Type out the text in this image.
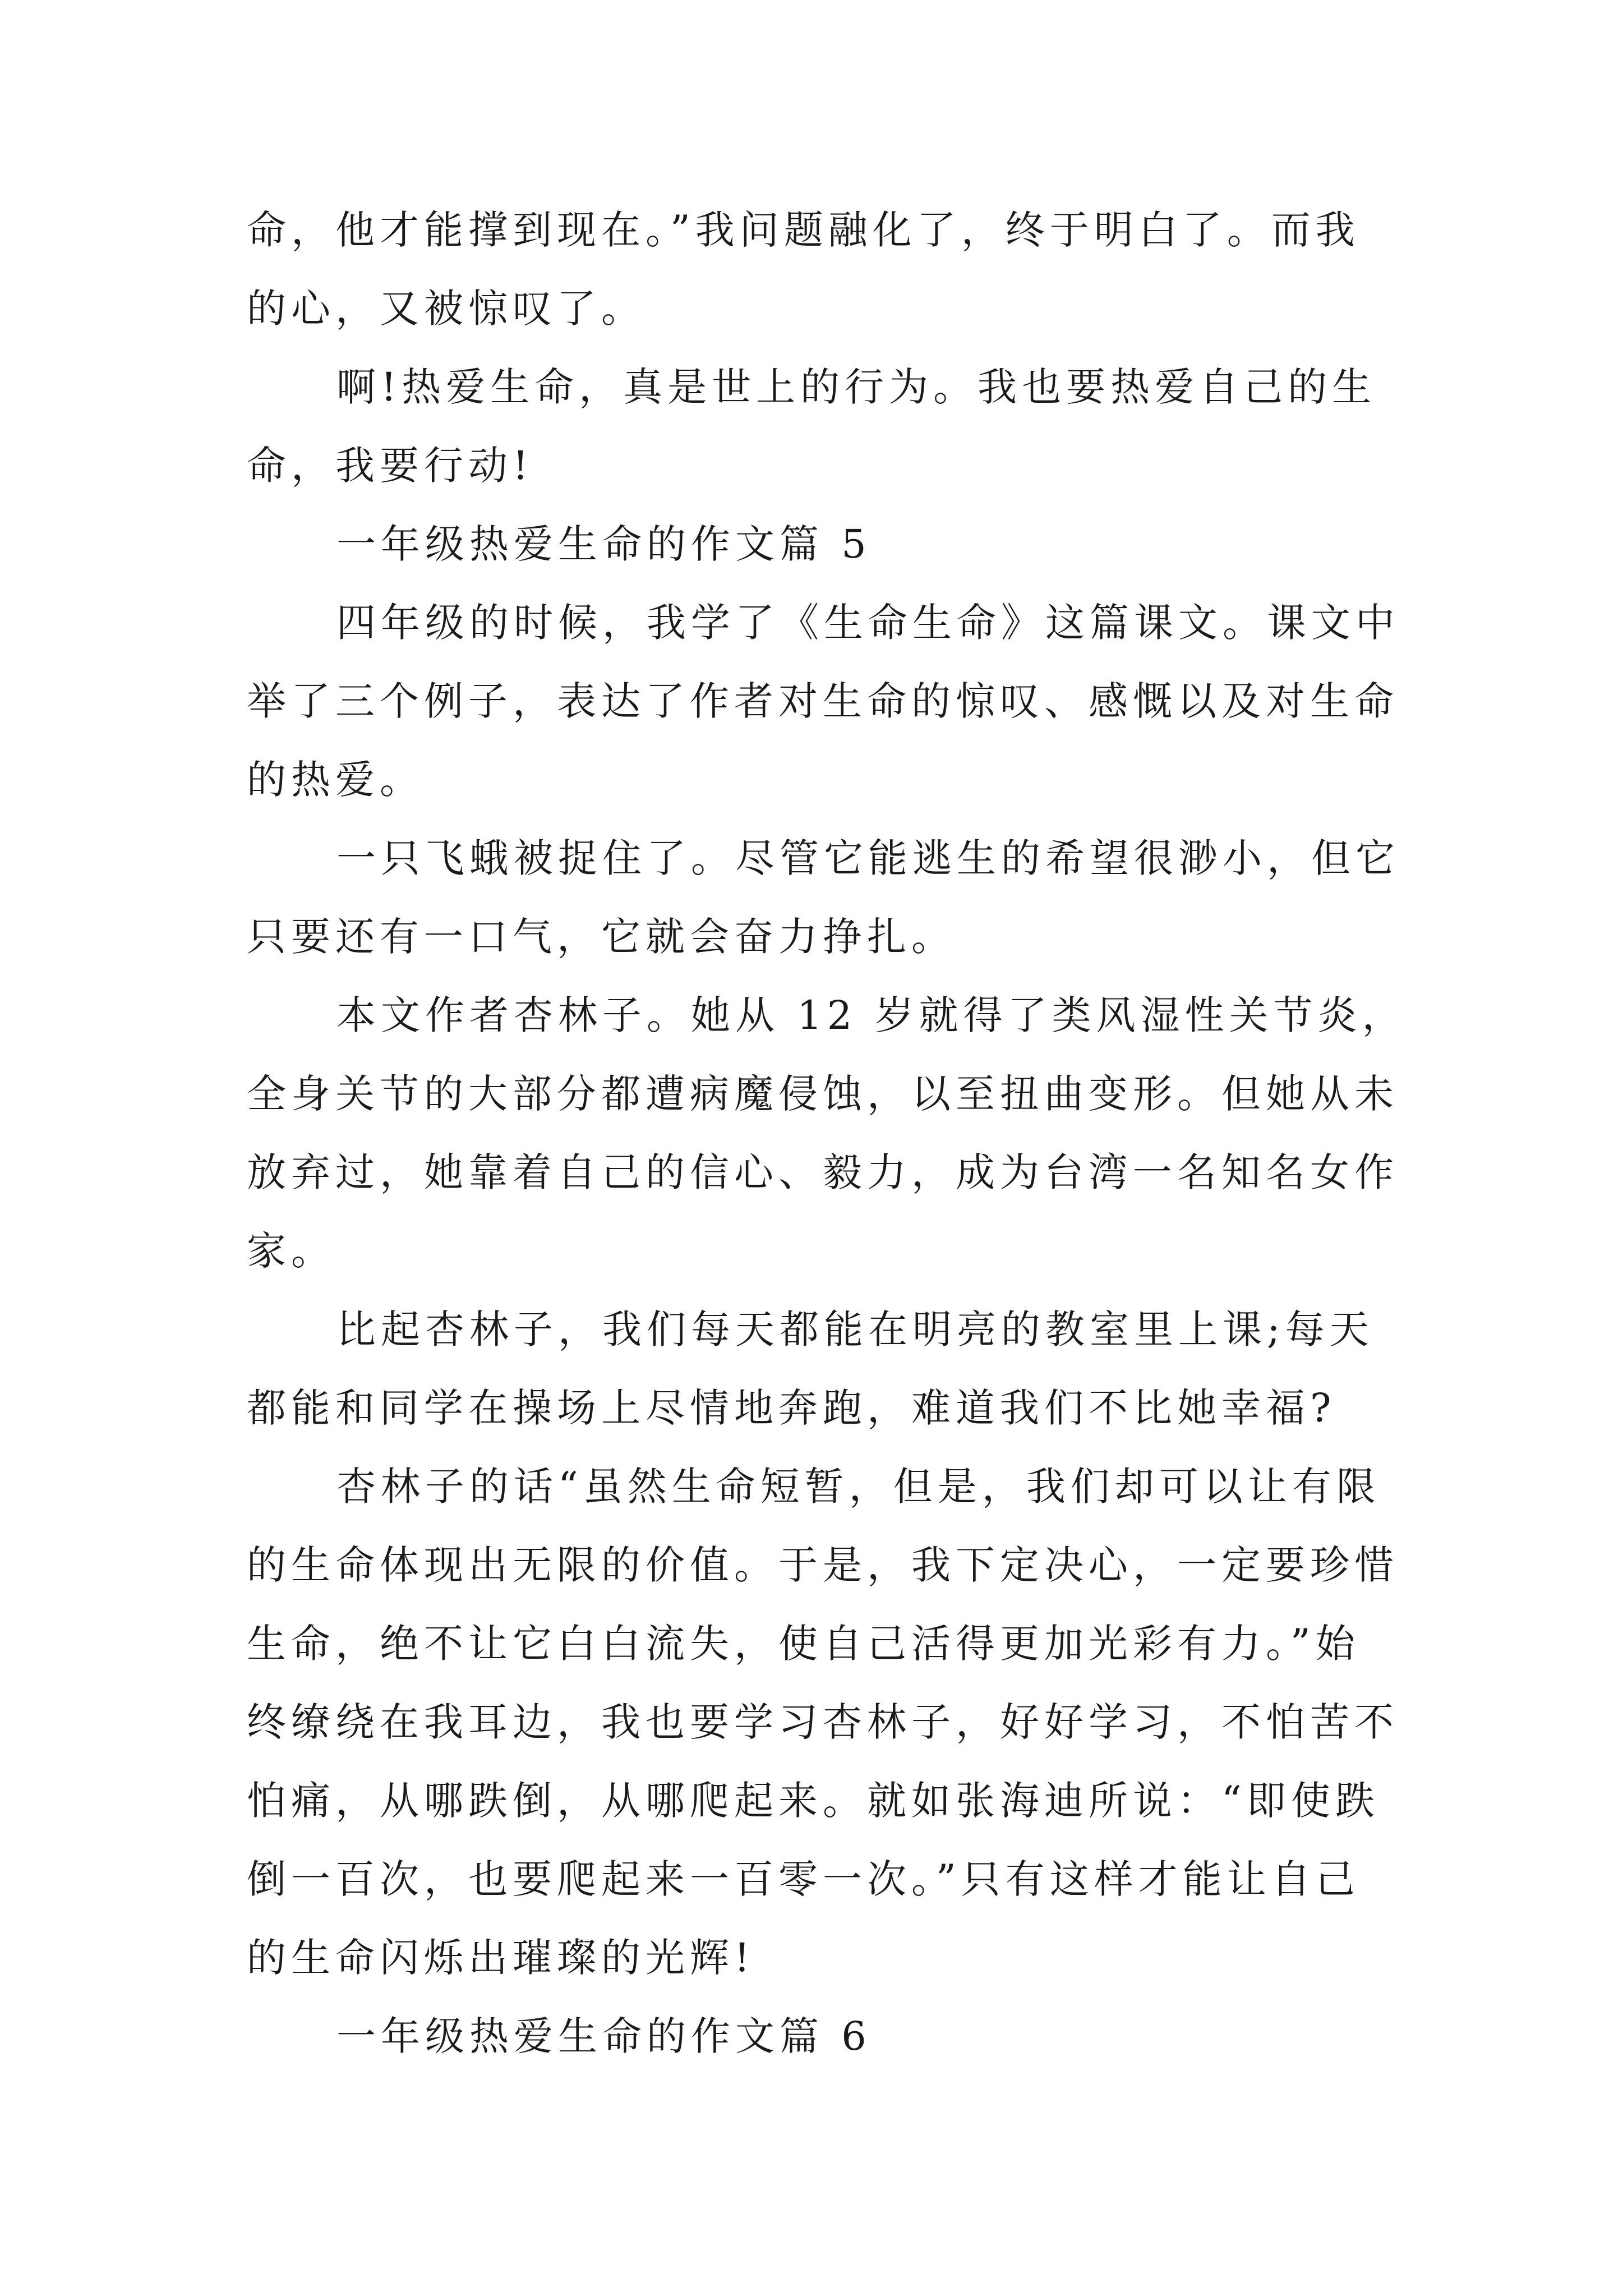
命，他才能撑到现在。”我问题融化了，终于明白了。而我
的心，又被惊叹了。
啊!热爱生命，真是世上的行为。我也要热爱自己的生
命，我要行动!
一年级热爱生命的作文篇 5
四年级的时候，我学了《生命生命》这篇课文。课文中
举了三个例子，表达了作者对生命的惊叹、感慨以及对生命
的热爱。
一只飞蛾被捉住了。尽管它能逃生的希望很渺小，但它
只要还有一口气，它就会奋力挣扎。
本文作者杏林子。她从 12 岁就得了类风湿性关节炎，
全身关节的大部分都遭病魔侵蚀，以至扭曲变形。但她从未
放弃过，她靠着自己的信心、毅力，成为台湾一名知名女作
家。
比起杏林子，我们每天都能在明亮的教室里上课;每天
都能和同学在操场上尽情地奔跑，难道我们不比她幸福?
杏林子的话“虽然生命短暂，但是，我们却可以让有限
的生命体现出无限的价值。于是，我下定决心，一定要珍惜
生命，绝不让它白白流失，使自己活得更加光彩有力。”始
终缭绕在我耳边，我也要学习杏林子，好好学习，不怕苦不
怕痛，从哪跌倒，从哪爬起来。就如张海迪所说：“即使跌
倒一百次，也要爬起来一百零一次。”只有这样才能让自己
的生命闪烁出璀璨的光辉!
一年级热爱生命的作文篇 6
